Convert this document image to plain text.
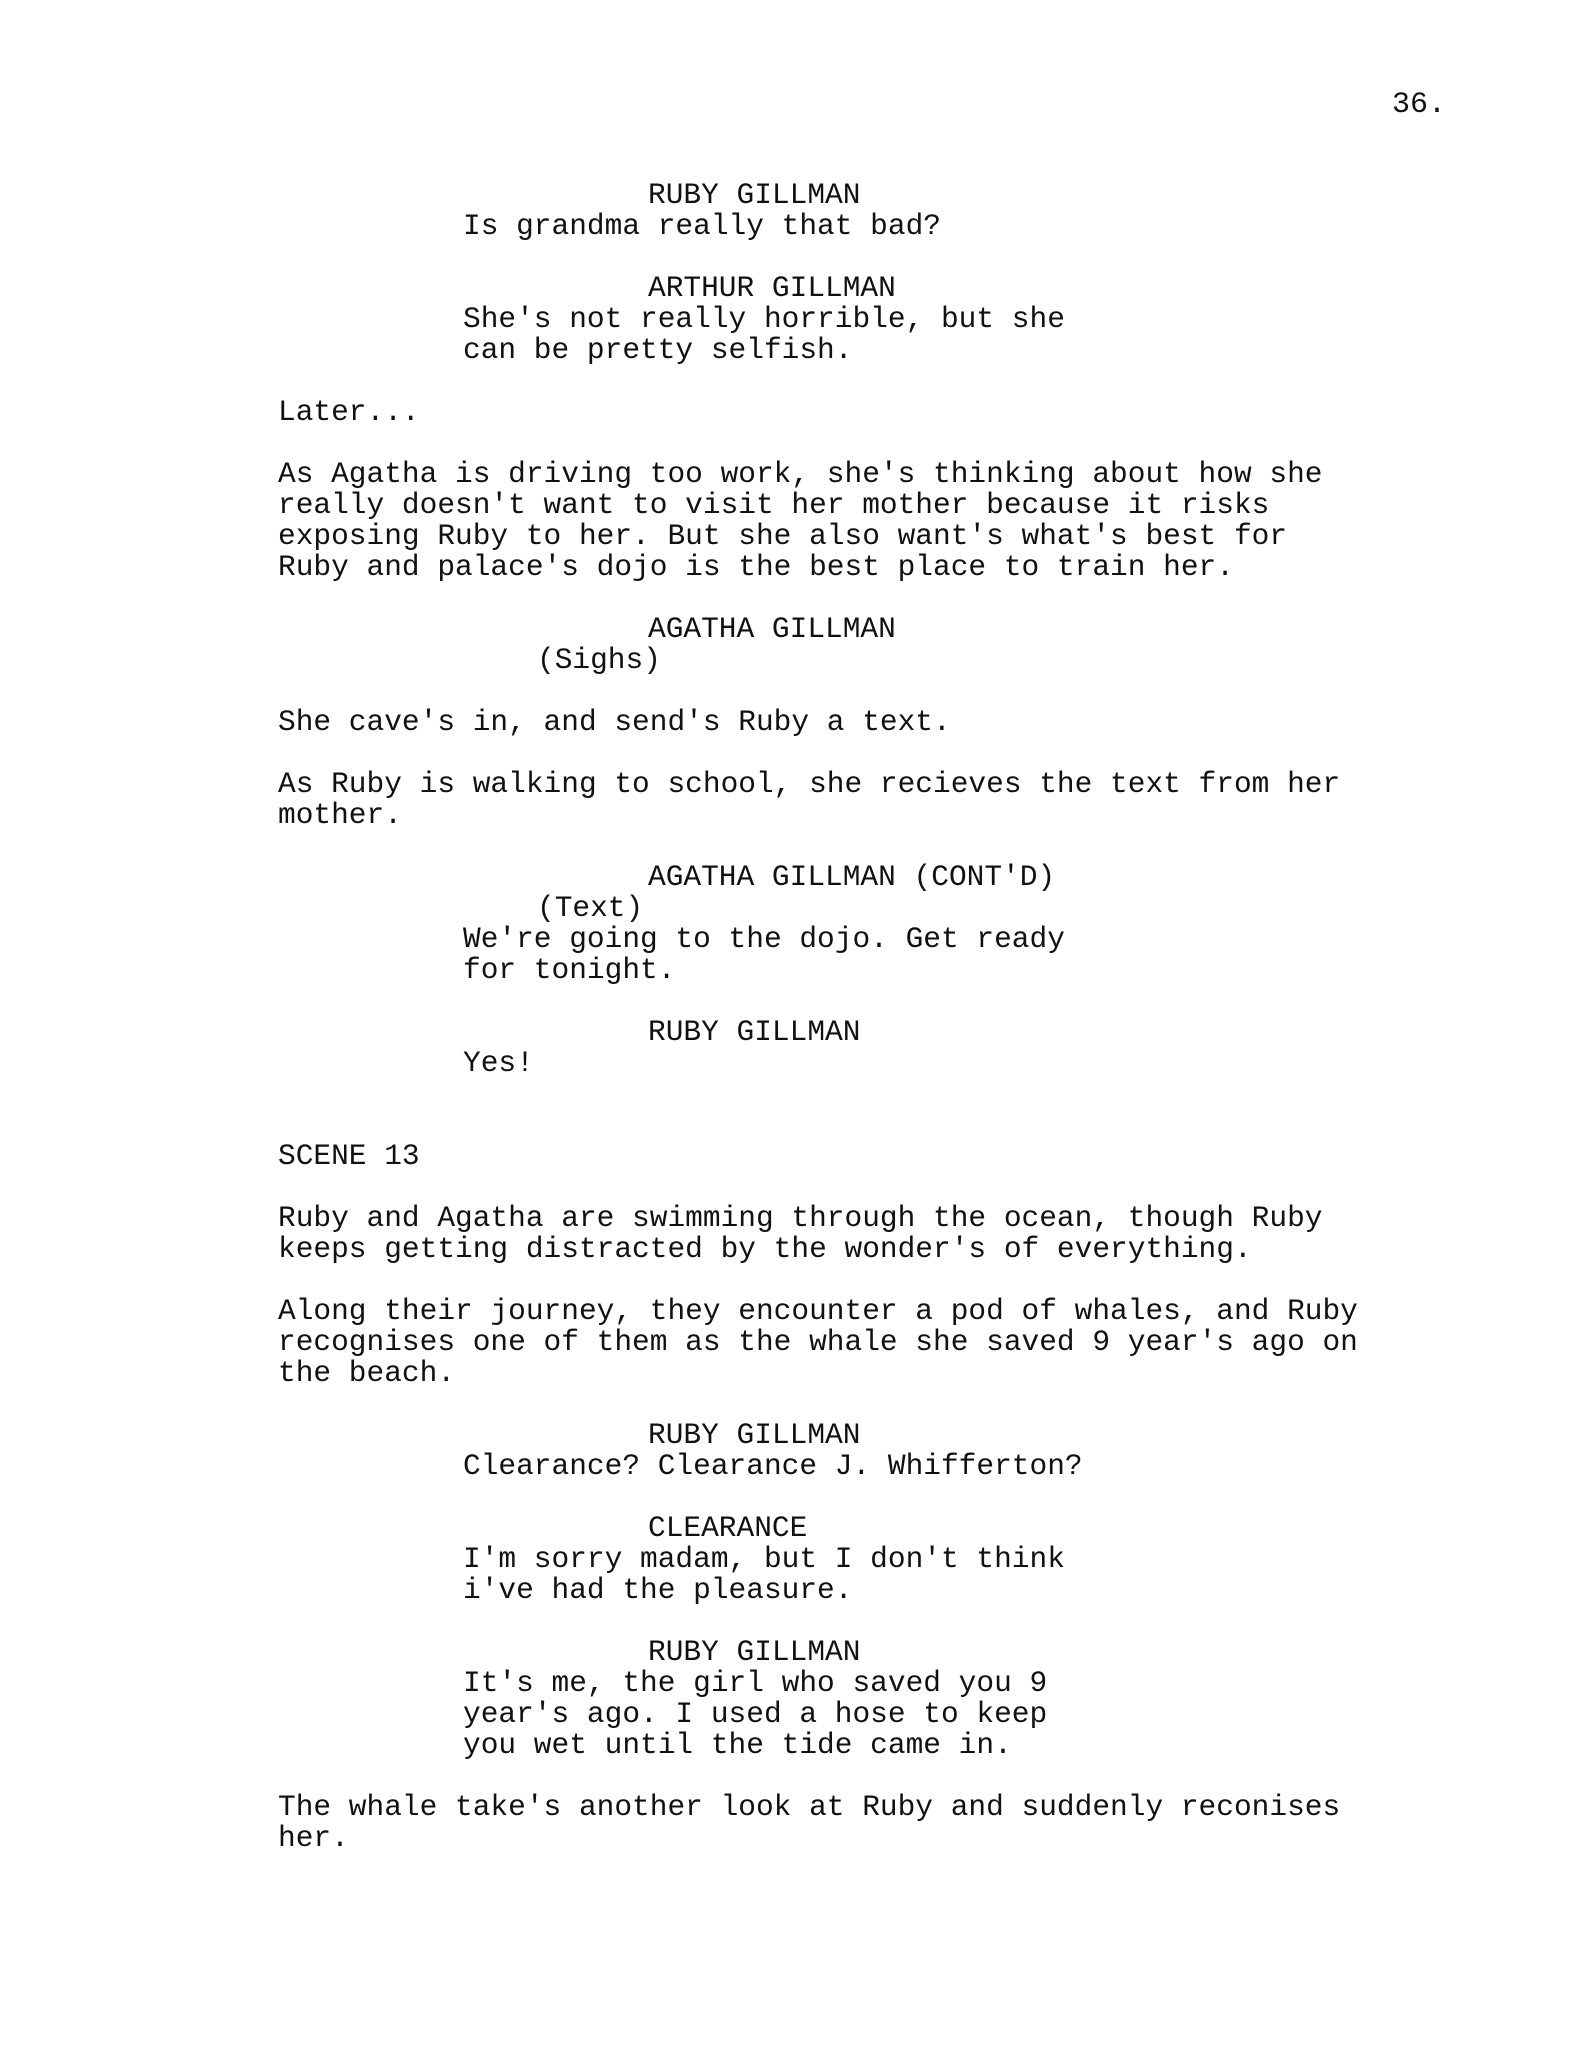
36.
RUBY GILLMAN
Is grandma really that bad?
ARTHUR GILLMAN
She's not really horrible, but she
can be pretty selfish.
Later...
As Agatha is driving too work, she's thinking about how she
really doesn't want to visit her mother because it risks
exposing Ruby to her. But she also want's what's best for
Ruby and palace's dojo is the best place to train her.
AGATHA GILLMAN
(Sighs)
She cave's in, and send's Ruby a text.
As Ruby is walking to school, she recieves the text from her
mother.
AGATHA GILLMAN (CONT'D)
(Text)
We're going to the dojo. Get ready
for tonight.
RUBY GILLMAN
Yes!
SCENE 13
Ruby and Agatha are swimming through the ocean, though Ruby
keeps getting distracted by the wonder's of everything.
Along their journey, they encounter a pod of whales, and Ruby
recognises one of them as the whale she saved 9 year's ago on
the beach.
RUBY GILLMAN
Clearance? Clearance J. Whifferton?
CLEARANCE
I'm sorry madam, but I don't think
i've had the pleasure.
RUBY GILLMAN
It's me, the girl who saved you 9
year's ago. I used a hose to keep
you wet until the tide came in.
The whale take's another look at Ruby and suddenly reconises
her.
